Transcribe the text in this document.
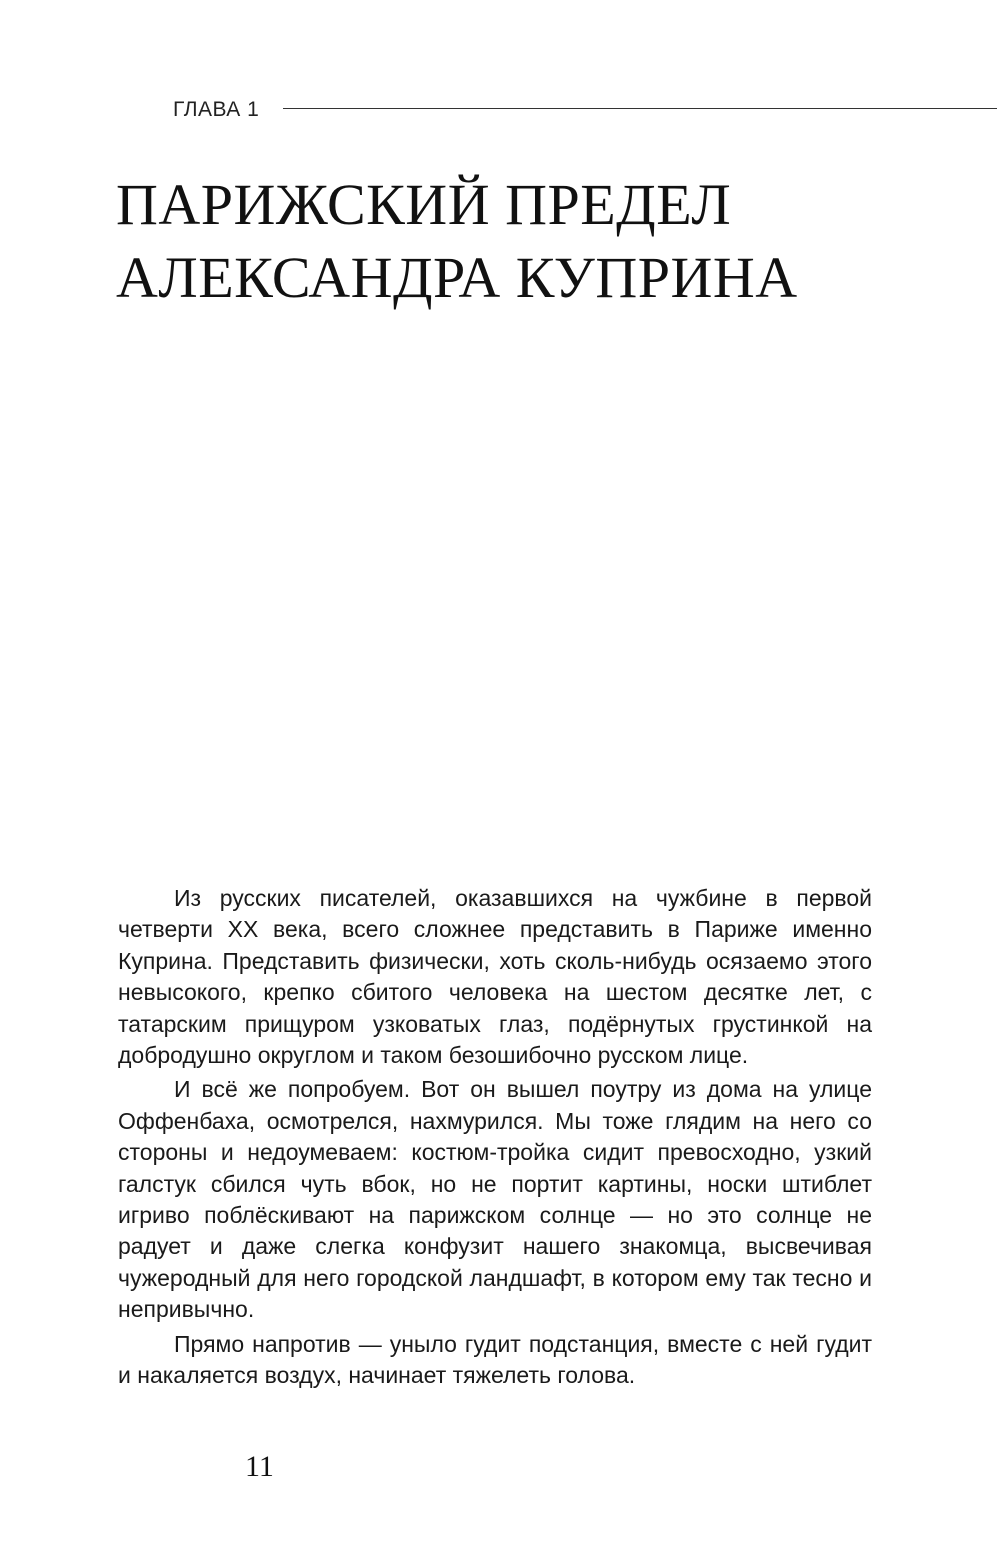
ГЛАВА 1
ПАРИЖСКИЙ ПРЕДЕЛ
АЛЕКСАНДРА КУПРИНА

Из русских писателей, оказавшихся на чужбине в первой четверти XX века, всего сложнее представить в Париже именно Куприна. Представить физически, хоть сколь-нибудь осязаемо этого невысокого, крепко сбитого человека на шестом десятке лет, с татарским прищуром узковатых глаз, подёрнутых грустинкой на добродушно округлом и таком безошибочно русском лице.

И всё же попробуем. Вот он вышел поутру из дома на улице Оффенбаха, осмотрелся, нахмурился. Мы тоже глядим на него со стороны и недоумеваем: костюм-тройка сидит превосходно, узкий галстук сбился чуть вбок, но не портит картины, носки штиблет игриво поблёскивают на парижском солнце — но это солнце не радует и даже слегка конфузит нашего знакомца, высвечивая чужеродный для него городской ландшафт, в котором ему так тесно и непривычно.

Прямо напротив — уныло гудит подстанция, вместе с ней гудит и накаляется воздух, начинает тяжелеть голова.

11
